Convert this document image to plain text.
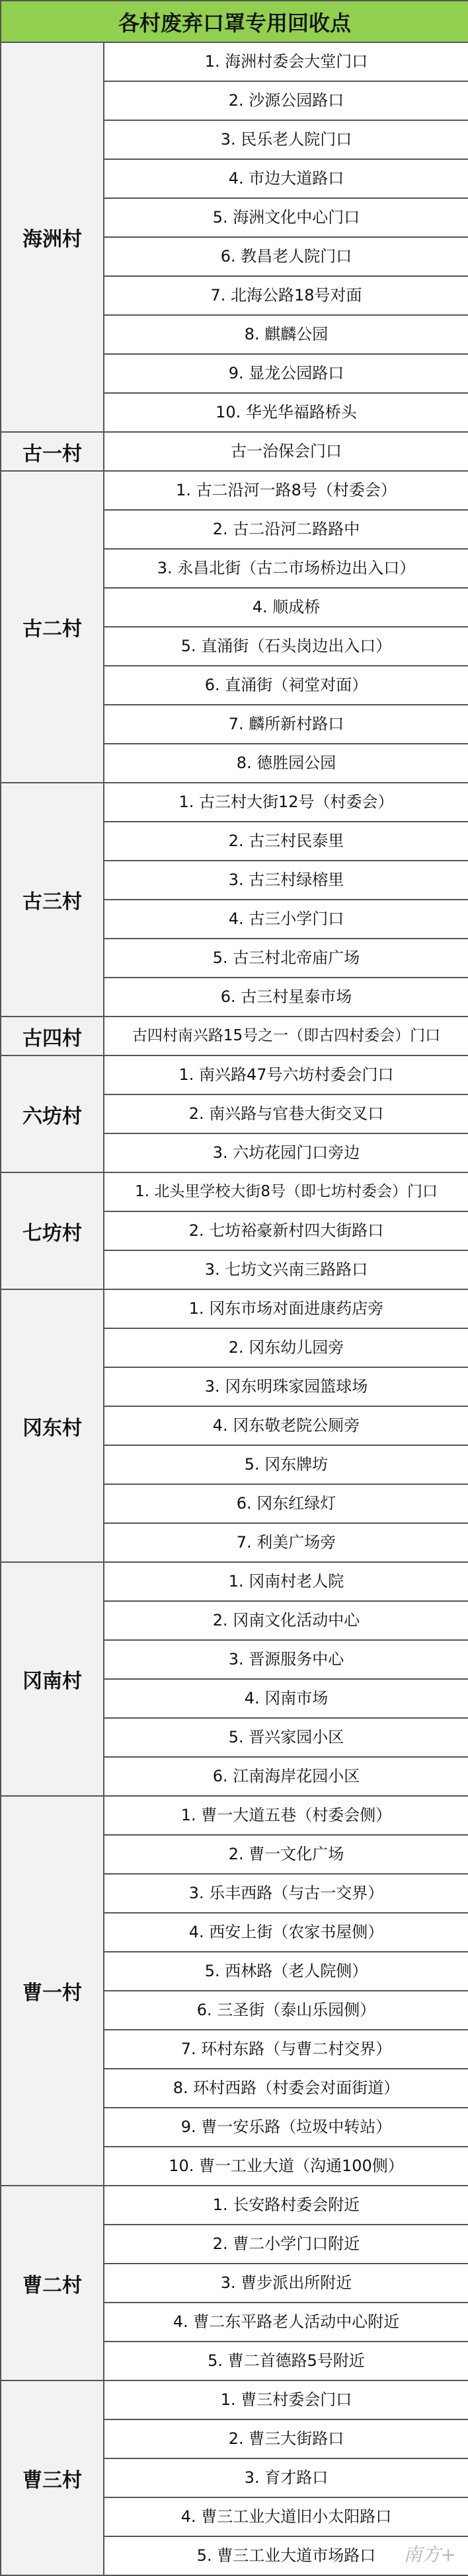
各村废弃口罩专用回收点	
海洲村	1. 海洲村委会大堂门口
	2. 沙源公园路口
	3. 民乐老人院门口
	4. 市边大道路口
	5. 海洲文化中心门口
	6. 教昌老人院门口
	7. 北海公路18号对面
	8. 麒麟公园
	9. 显龙公园路口
	10. 华光华福路桥头
古一村	古一治保会门口
古二村	1. 古二沿河一路8号（村委会）
	2. 古二沿河二路路中
	3. 永昌北街（古二市场桥边出入口）
	4. 顺成桥
	5. 直涌街（石头岗边出入口）
	6. 直涌街（祠堂对面）
	7. 麟所新村路口
	8. 德胜园公园
古三村	1. 古三村大街12号（村委会）
	2. 古三村民泰里
	3. 古三村绿榕里
	4. 古三小学门口
	5. 古三村北帝庙广场
	6. 古三村星泰市场
古四村	古四村南兴路15号之一（即古四村委会）门口
六坊村	1. 南兴路47号六坊村委会门口
	2. 南兴路与官巷大街交叉口
	3. 六坊花园门口旁边
七坊村	1. 北头里学校大街8号（即七坊村委会）门口
	2. 七坊裕豪新村四大街路口
	3. 七坊文兴南三路路口
冈东村	1. 冈东市场对面进康药店旁
	2. 冈东幼儿园旁
	3. 冈东明珠家园篮球场
	4. 冈东敬老院公厕旁
	5. 冈东牌坊
	6. 冈东红绿灯
	7. 利美广场旁
冈南村	1. 冈南村老人院
	2. 冈南文化活动中心
	3. 晋源服务中心
	4. 冈南市场
	5. 晋兴家园小区
	6. 江南海岸花园小区
曹一村	1. 曹一大道五巷（村委会侧）
	2. 曹一文化广场
	3. 乐丰西路（与古一交界）
	4. 西安上街（农家书屋侧）
	5. 西林路（老人院侧）
	6. 三圣街（泰山乐园侧）
	7. 环村东路（与曹二村交界）
	8. 环村西路（村委会对面街道）
	9. 曹一安乐路（垃圾中转站）
	10. 曹一工业大道（沟通100侧）
曹二村	1. 长安路村委会附近
	2. 曹二小学门口附近
	3. 曹步派出所附近
	4. 曹二东平路老人活动中心附近
	5. 曹二首德路5号附近
曹三村	1. 曹三村委会门口
	2. 曹三大街路口
	3. 育才路口
	4. 曹三工业大道旧小太阳路口
	5. 曹三工业大道市场路口 南方+
